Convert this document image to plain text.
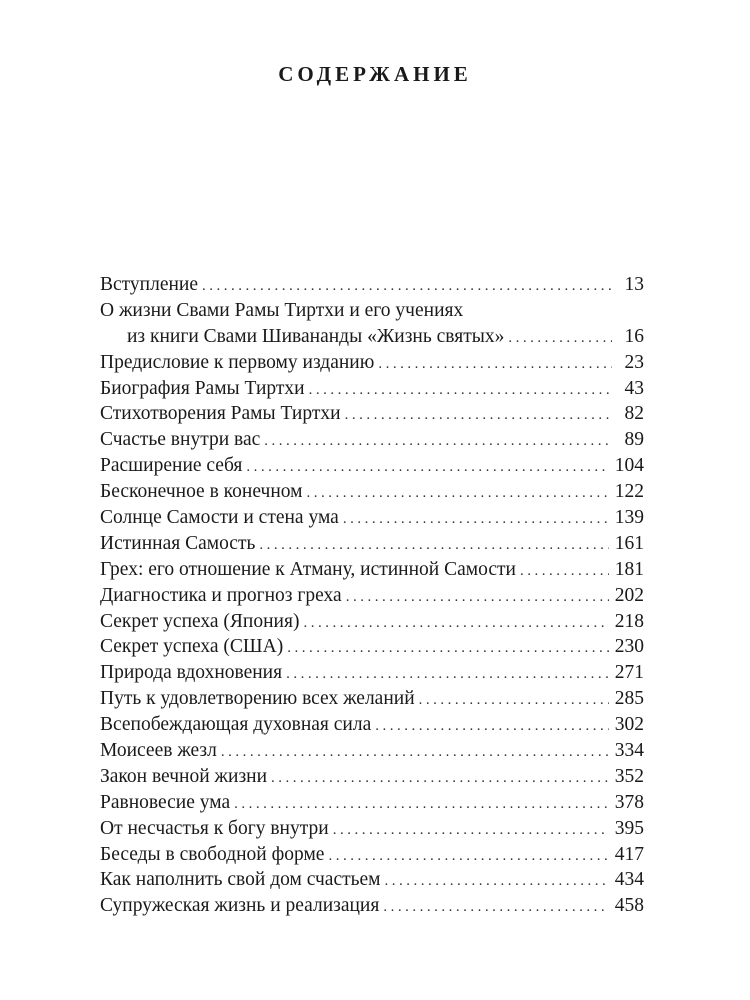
СОДЕРЖАНИЕ
Вступление .....	13
О жизни Свами Рамы Тиртхи и его учениях
из книги Свами Шивананды «Жизнь святых» .....	16
Предисловие к первому изданию .....	23
Биография Рамы Тиртхи .....	43
Стихотворения Рамы Тиртхи .....	82
Счастье внутри вас .....	89
Расширение себя .....	104
Бесконечное в конечном .....	122
Солнце Самости и стена ума .....	139
Истинная Самость .....	161
Грех: его отношение к Атману, истинной Самости .....	181
Диагностика и прогноз греха .....	202
Секрет успеха (Япония) .....	218
Секрет успеха (США) .....	230
Природа вдохновения .....	271
Путь к удовлетворению всех желаний .....	285
Всепобеждающая духовная сила .....	302
Моисеев жезл .....	334
Закон вечной жизни .....	352
Равновесие ума .....	378
От несчастья к богу внутри .....	395
Беседы в свободной форме .....	417
Как наполнить свой дом счастьем .....	434
Супружеская жизнь и реализация .....	458
